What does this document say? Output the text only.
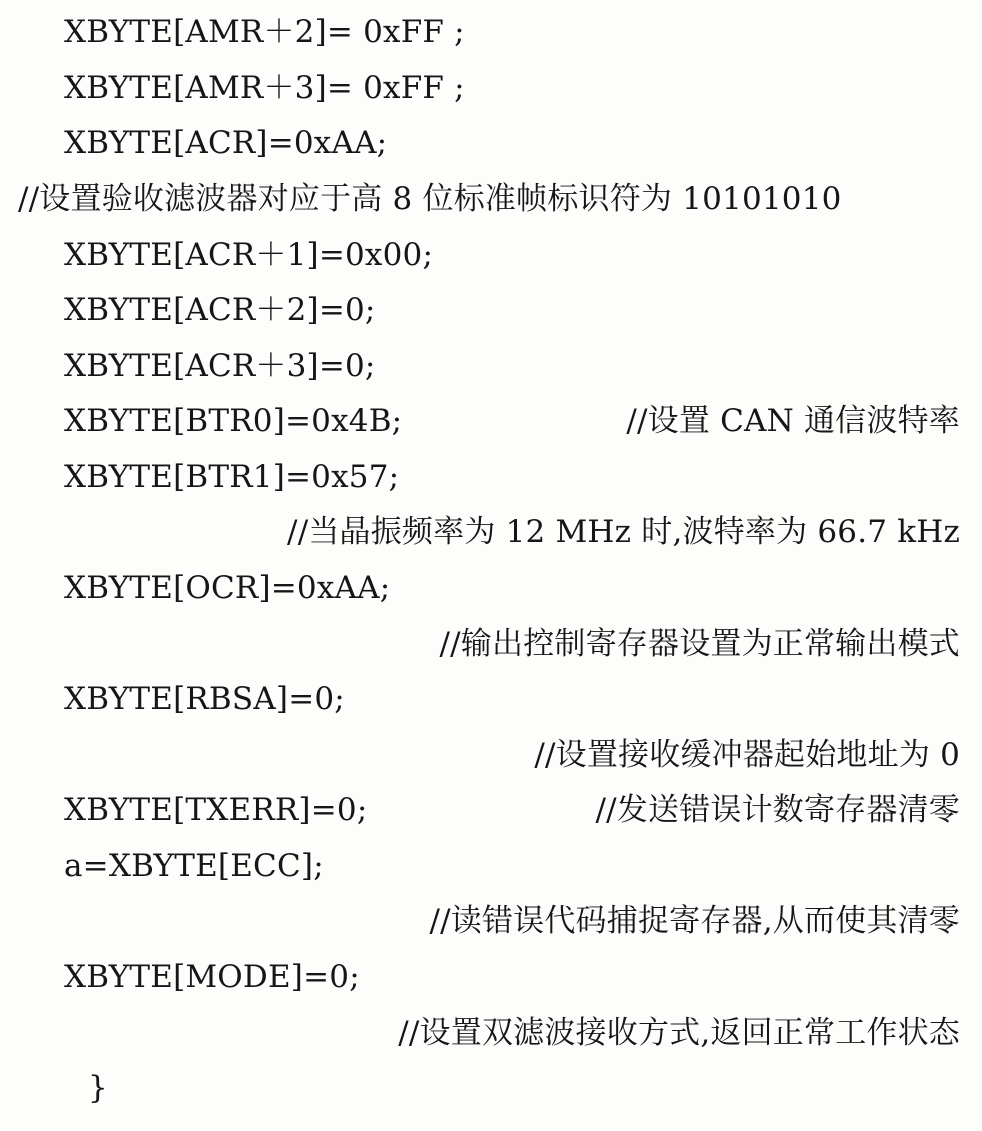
XBYTE[AMR＋2]= 0xFF ;
XBYTE[AMR＋3]= 0xFF ;
XBYTE[ACR]=0xAA;
//设置验收滤波器对应于高 8 位标准帧标识符为 10101010
XBYTE[ACR＋1]=0x00;
XBYTE[ACR＋2]=0;
XBYTE[ACR＋3]=0;
XBYTE[BTR0]=0x4B;	//设置 CAN 通信波特率
XBYTE[BTR1]=0x57;
//当晶振频率为 12 MHz 时,波特率为 66.7 kHz
XBYTE[OCR]=0xAA;
//输出控制寄存器设置为正常输出模式
XBYTE[RBSA]=0;
//设置接收缓冲器起始地址为 0
XBYTE[TXERR]=0;	//发送错误计数寄存器清零
a=XBYTE[ECC];
//读错误代码捕捉寄存器,从而使其清零
XBYTE[MODE]=0;
//设置双滤波接收方式,返回正常工作状态
}
